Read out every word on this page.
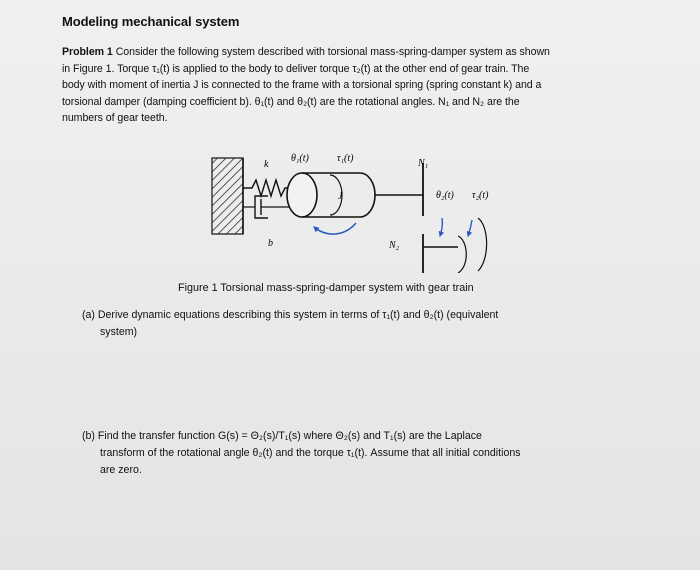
Modeling mechanical system
Problem 1 Consider the following system described with torsional mass-spring-damper system as shown
in Figure 1. Torque τ₁(t) is applied to the body to deliver torque τ₂(t) at the other end of gear train. The
body with moment of inertia J is connected to the frame with a torsional spring (spring constant k) and a
torsional damper (damping coefficient b). θ₁(t) and θ₂(t) are the rotational angles. N₁ and N₂ are the
numbers of gear teeth.
k
b
J
θ₁(t)	τ₁(t)	N₁
N₂
θ₂(t) τ₂(t)
Figure 1 Torsional mass-spring-damper system with gear train
(a) Derive dynamic equations describing this system in terms of τ₁(t) and θ₂(t) (equivalent
system)
(b) Find the transfer function G(s) = Θ₂(s)/T₁(s) where Θ₂(s) and T₁(s) are the Laplace
transform of the rotational angle θ₂(t) and the torque τ₁(t). Assume that all initial conditions
are zero.
